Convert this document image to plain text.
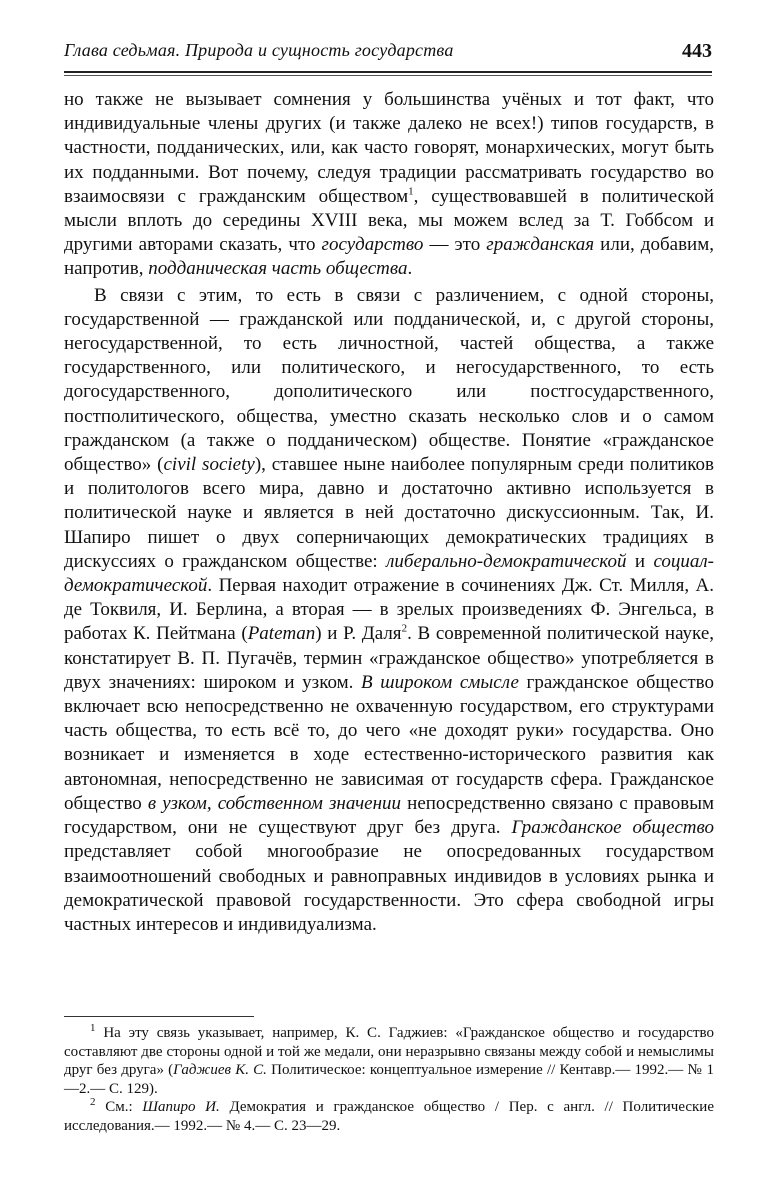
Глава седьмая. Природа и сущность государства	443

но также не вызывает сомнения у большинства учёных и тот факт, что индивидуальные члены других (и также далеко не всех!) типов государств, в частности, подданических, или, как часто говорят, монархических, могут быть их подданными. Вот почему, следуя традиции рассматривать государство во взаимосвязи с гражданским обществом$^1$, существовавшей в политической мысли вплоть до середины XVIII века, мы можем вслед за Т. Гоббсом и другими авторами сказать, что государство — это гражданская или, добавим, напротив, подданическая часть общества.

В связи с этим, то есть в связи с различением, с одной стороны, государственной — гражданской или подданической, и, с другой стороны, негосударственной, то есть личностной, частей общества, а также государственного, или политического, и негосударственного, то есть догосударственного, дополитического или постгосударственного, постполитического, общества, уместно сказать несколько слов и о самом гражданском (а также о подданическом) обществе. Понятие «гражданское общество» (civil society), ставшее ныне наиболее популярным среди политиков и политологов всего мира, давно и достаточно активно используется в политической науке и является в ней достаточно дискуссионным. Так, И. Шапиро пишет о двух соперничающих демократических традициях в дискуссиях о гражданском обществе: либерально-демократической и социал-демократической. Первая находит отражение в сочинениях Дж. Ст. Милля, А. де Токвиля, И. Берлина, а вторая — в зрелых произведениях Ф. Энгельса, в работах К. Пейтмана (Pateman) и Р. Даля$^2$. В современной политической науке, констатирует В. П. Пугачёв, термин «гражданское общество» употребляется в двух значениях: широком и узком. В широком смысле гражданское общество включает всю непосредственно не охваченную государством, его структурами часть общества, то есть всё то, до чего «не доходят руки» государства. Оно возникает и изменяется в ходе естественно-исторического развития как автономная, непосредственно не зависимая от государств сфера. Гражданское общество в узком, собственном значении непосредственно связано с правовым государством, они не существуют друг без друга. Гражданское общество представляет собой многообразие не опосредованных государством взаимоотношений свободных и равноправных индивидов в условиях рынка и демократической правовой государственности. Это сфера свободной игры частных интересов и индивидуализма.

$^1$ На эту связь указывает, например, К. С. Гаджиев: «Гражданское общество и государство составляют две стороны одной и той же медали, они неразрывно связаны между собой и немыслимы друг без друга» (Гаджиев К. С. Политическое: концептуальное измерение // Кентавр.— 1992.— № 1—2.— С. 129).

$^2$ См.: Шапиро И. Демократия и гражданское общество / Пер. с англ. // Политические исследования.— 1992.— № 4.— С. 23—29.
